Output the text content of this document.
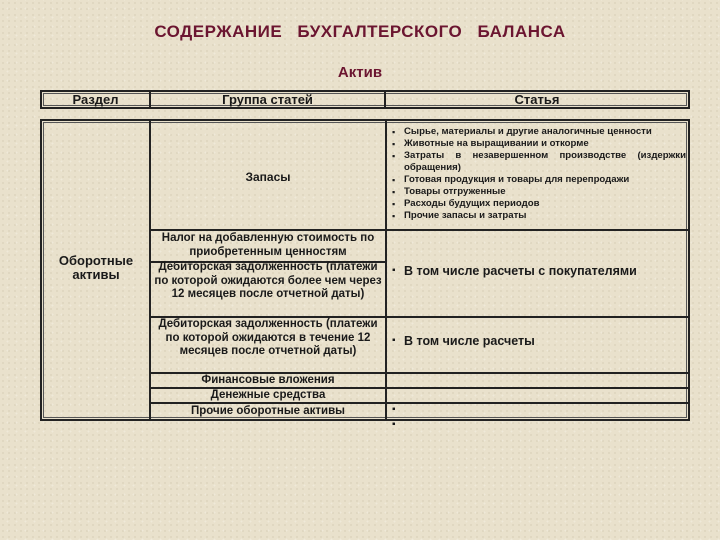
СОДЕРЖАНИЕ БУХГАЛТЕРСКОГО БАЛАНСА
Актив
Раздел	Группа статей	Статья
Оборотные активы
Запасы
Налог на добавленную стоимость по приобретенным ценностям
Дебиторская задолженность (платежи по которой ожидаются более чем через 12 месяцев после отчетной даты)
Дебиторская задолженность (платежи по которой ожидаются в течение 12 месяцев после отчетной даты)
Финансовые вложения
Денежные средства
Прочие оборотные активы
▪ Сырье, материалы и другие аналогичные ценности
▪ Животные на выращивании и откорме
▪ Затраты в незавершенном производстве (издержки обращения)
▪ Готовая продукция и товары для перепродажи
▪ Товары отгруженные
▪ Расходы будущих периодов
▪ Прочие запасы и затраты
▪ В том числе расчеты с покупателями
▪ В том числе расчеты
▪
▪
